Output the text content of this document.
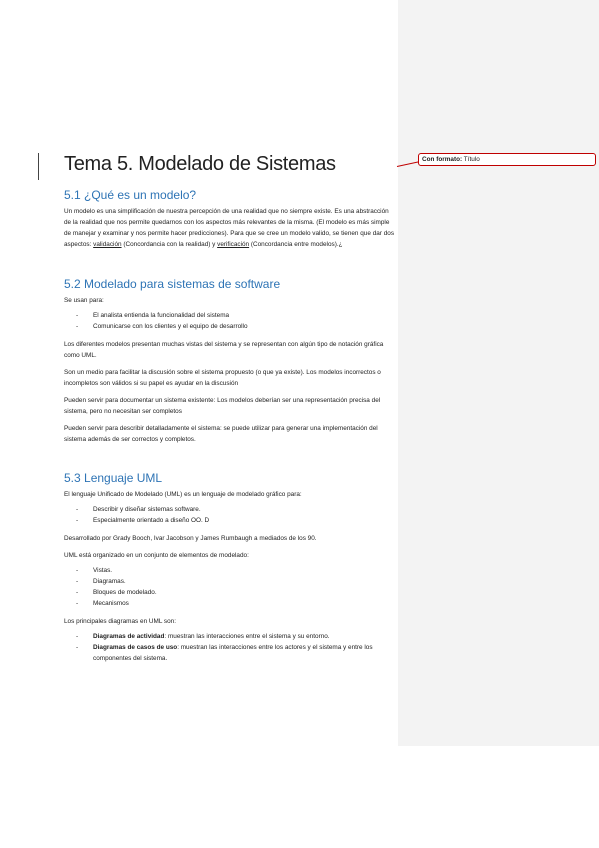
Con formato: Título
Tema 5. Modelado de Sistemas
5.1 ¿Qué es un modelo?

Un modelo es una simplificación de nuestra percepción de una realidad que no siempre existe. Es una abstracción de la realidad que nos permite quedarnos con los aspectos más relevantes de la misma. (El modelo es más simple de manejar y examinar y nos permite hacer predicciones). Para que se cree un modelo valido, se tienen que dar dos aspectos: validación (Concordancia con la realidad) y verificación (Concordancia entre modelos).¿

5.2 Modelado para sistemas de software

Se usan para:

- El analista entienda la funcionalidad del sistema
- Comunicarse con los clientes y el equipo de desarrollo

Los diferentes modelos presentan muchas vistas del sistema y se representan con algún tipo de notación gráfica como UML.

Son un medio para facilitar la discusión sobre el sistema propuesto (o que ya existe). Los modelos incorrectos o incompletos son válidos si su papel es ayudar en la discusión

Pueden servir para documentar un sistema existente: Los modelos deberían ser una representación precisa del sistema, pero no necesitan ser completos

Pueden servir para describir detalladamente el sistema: se puede utilizar para generar una implementación del sistema además de ser correctos y completos.

5.3 Lenguaje UML

El lenguaje Unificado de Modelado (UML) es un lenguaje de modelado gráfico para:

- Describir y diseñar sistemas software.
- Especialmente orientado a diseño OO. D

Desarrollado por Grady Booch, Ivar Jacobson y James Rumbaugh a mediados de los 90.

UML está organizado en un conjunto de elementos de modelado:

- Vistas.
- Diagramas.
- Bloques de modelado.
- Mecanismos

Los principales diagramas en UML son:

- Diagramas de actividad: muestran las interacciones entre el sistema y su entorno.
- Diagramas de casos de uso: muestran las interacciones entre los actores y el sistema y entre los componentes del sistema.
